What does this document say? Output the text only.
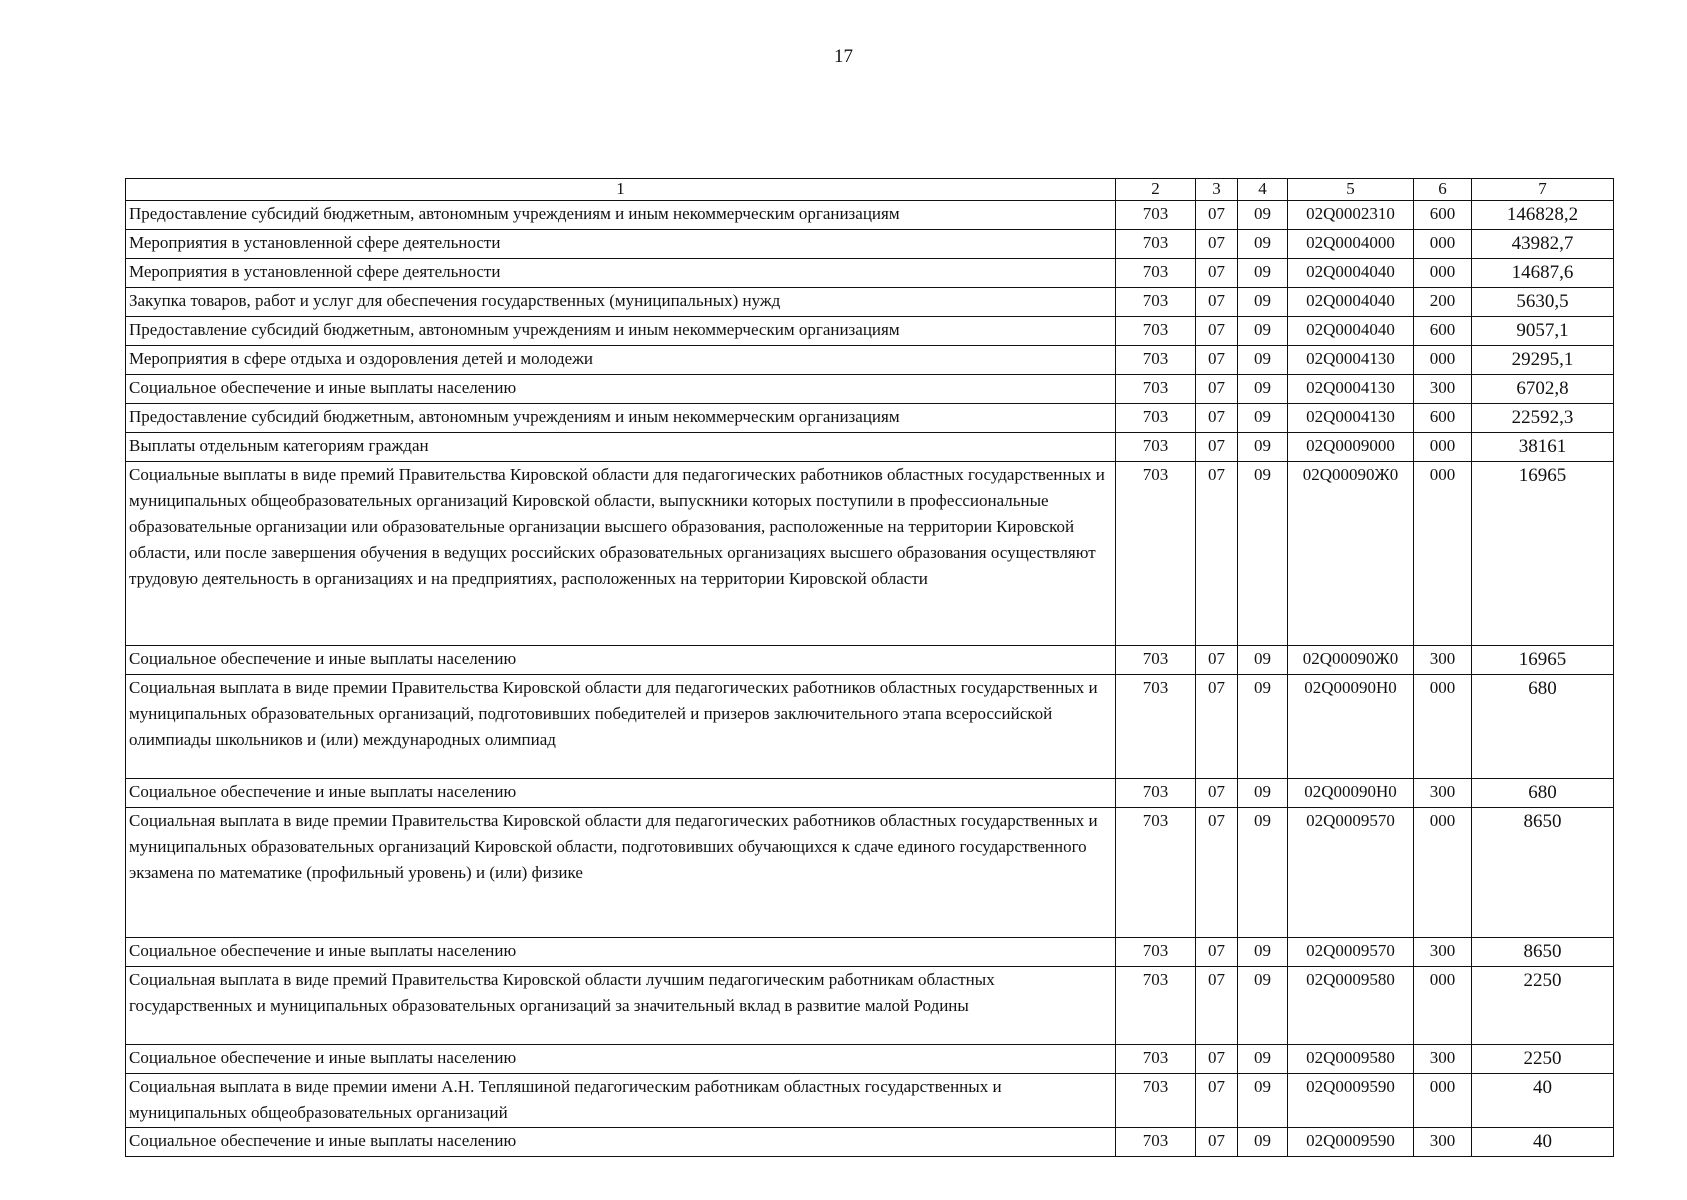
17
1	2	3	4	5	6	7
Предоставление субсидий бюджетным, автономным учреждениям и иным некоммерческим организациям	703	07	09	02Q0002310	600	146828,2
Мероприятия в установленной сфере деятельности	703	07	09	02Q0004000	000	43982,7
Мероприятия в установленной сфере деятельности	703	07	09	02Q0004040	000	14687,6
Закупка товаров, работ и услуг для обеспечения государственных (муниципальных) нужд	703	07	09	02Q0004040	200	5630,5
Предоставление субсидий бюджетным, автономным учреждениям и иным некоммерческим организациям	703	07	09	02Q0004040	600	9057,1
Мероприятия в сфере отдыха и оздоровления детей и молодежи	703	07	09	02Q0004130	000	29295,1
Социальное обеспечение и иные выплаты населению	703	07	09	02Q0004130	300	6702,8
Предоставление субсидий бюджетным, автономным учреждениям и иным некоммерческим организациям	703	07	09	02Q0004130	600	22592,3
Выплаты отдельным категориям граждан	703	07	09	02Q0009000	000	38161
Социальные выплаты в виде премий Правительства Кировской области для педагогических работников областных государственных и муниципальных общеобразовательных организаций Кировской области, выпускники которых поступили в профессиональные образовательные организации или образовательные организации высшего образования, расположенные на территории Кировской области, или после завершения обучения в ведущих российских образовательных организациях высшего образования осуществляют трудовую деятельность в организациях и на предприятиях, расположенных на территории Кировской области	703	07	09	02Q00090Ж0	000	16965
Социальное обеспечение и иные выплаты населению	703	07	09	02Q00090Ж0	300	16965
Социальная выплата в виде премии Правительства Кировской области для педагогических работников областных государственных и муниципальных образовательных организаций, подготовивших победителей и призеров заключительного этапа всероссийской олимпиады школьников и (или) международных олимпиад	703	07	09	02Q00090Н0	000	680
Социальное обеспечение и иные выплаты населению	703	07	09	02Q00090Н0	300	680
Социальная выплата в виде премии Правительства Кировской области для педагогических работников областных государственных и муниципальных образовательных организаций Кировской области, подготовивших обучающихся к сдаче единого государственного экзамена по математике (профильный уровень) и (или) физике	703	07	09	02Q0009570	000	8650
Социальное обеспечение и иные выплаты населению	703	07	09	02Q0009570	300	8650
Социальная выплата в виде премий Правительства Кировской области лучшим педагогическим работникам областных государственных и муниципальных образовательных организаций за значительный вклад в развитие малой Родины	703	07	09	02Q0009580	000	2250
Социальное обеспечение и иные выплаты населению	703	07	09	02Q0009580	300	2250
Социальная выплата в виде премии имени А.Н. Тепляшиной педагогическим работникам областных государственных и муниципальных общеобразовательных организаций	703	07	09	02Q0009590	000	40
Социальное обеспечение и иные выплаты населению	703	07	09	02Q0009590	300	40
